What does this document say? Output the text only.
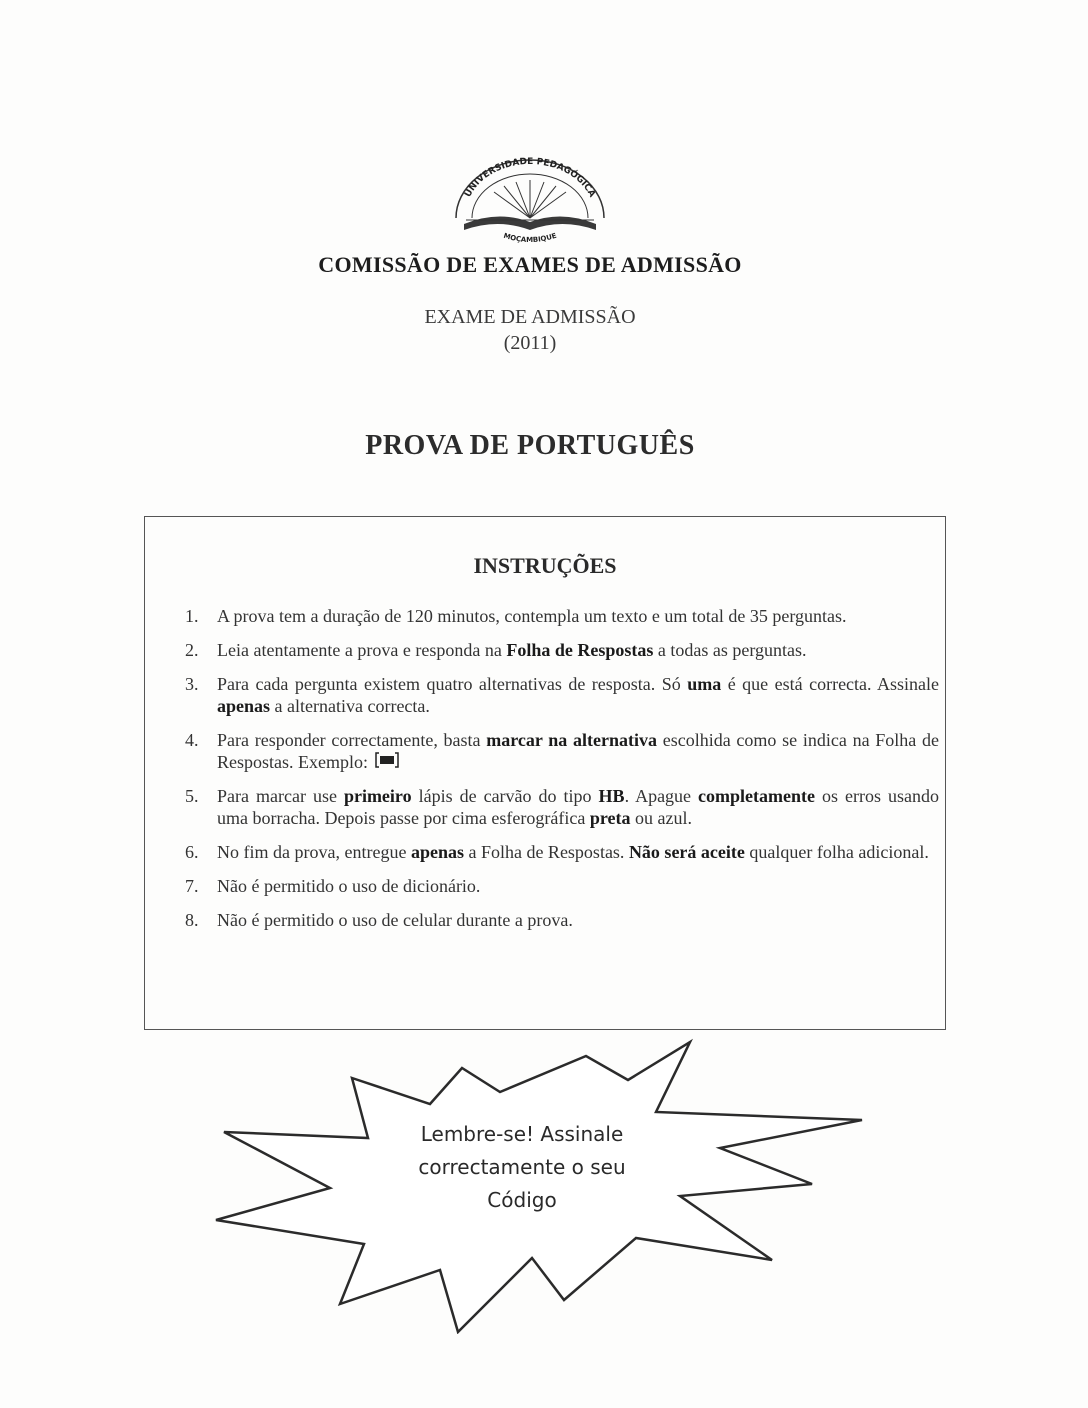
UNIVERSIDADE PEDAGÓGICA
MOÇAMBIQUE
COMISSÃO DE EXAMES DE ADMISSÃO
EXAME DE ADMISSÃO
(2011)
PROVA DE PORTUGUÊS
INSTRUÇÕES
1.	A prova tem a duração de 120 minutos, contempla um texto e um total de 35 perguntas.
2.	Leia atentamente a prova e responda na Folha de Respostas a todas as perguntas.
3.	Para cada pergunta existem quatro alternativas de resposta. Só uma é que está correcta. Assinale apenas a alternativa correcta.
4.	Para responder correctamente, basta marcar na alternativa escolhida como se indica na Folha de Respostas. Exemplo:
5.	Para marcar use primeiro lápis de carvão do tipo HB. Apague completamente os erros usando uma borracha. Depois passe por cima esferográfica preta ou azul.
6.	No fim da prova, entregue apenas a Folha de Respostas. Não será aceite qualquer folha adicional.
7.	Não é permitido o uso de dicionário.
8.	Não é permitido o uso de celular durante a prova.
Lembre-se! Assinale
correctamente o seu
Código
